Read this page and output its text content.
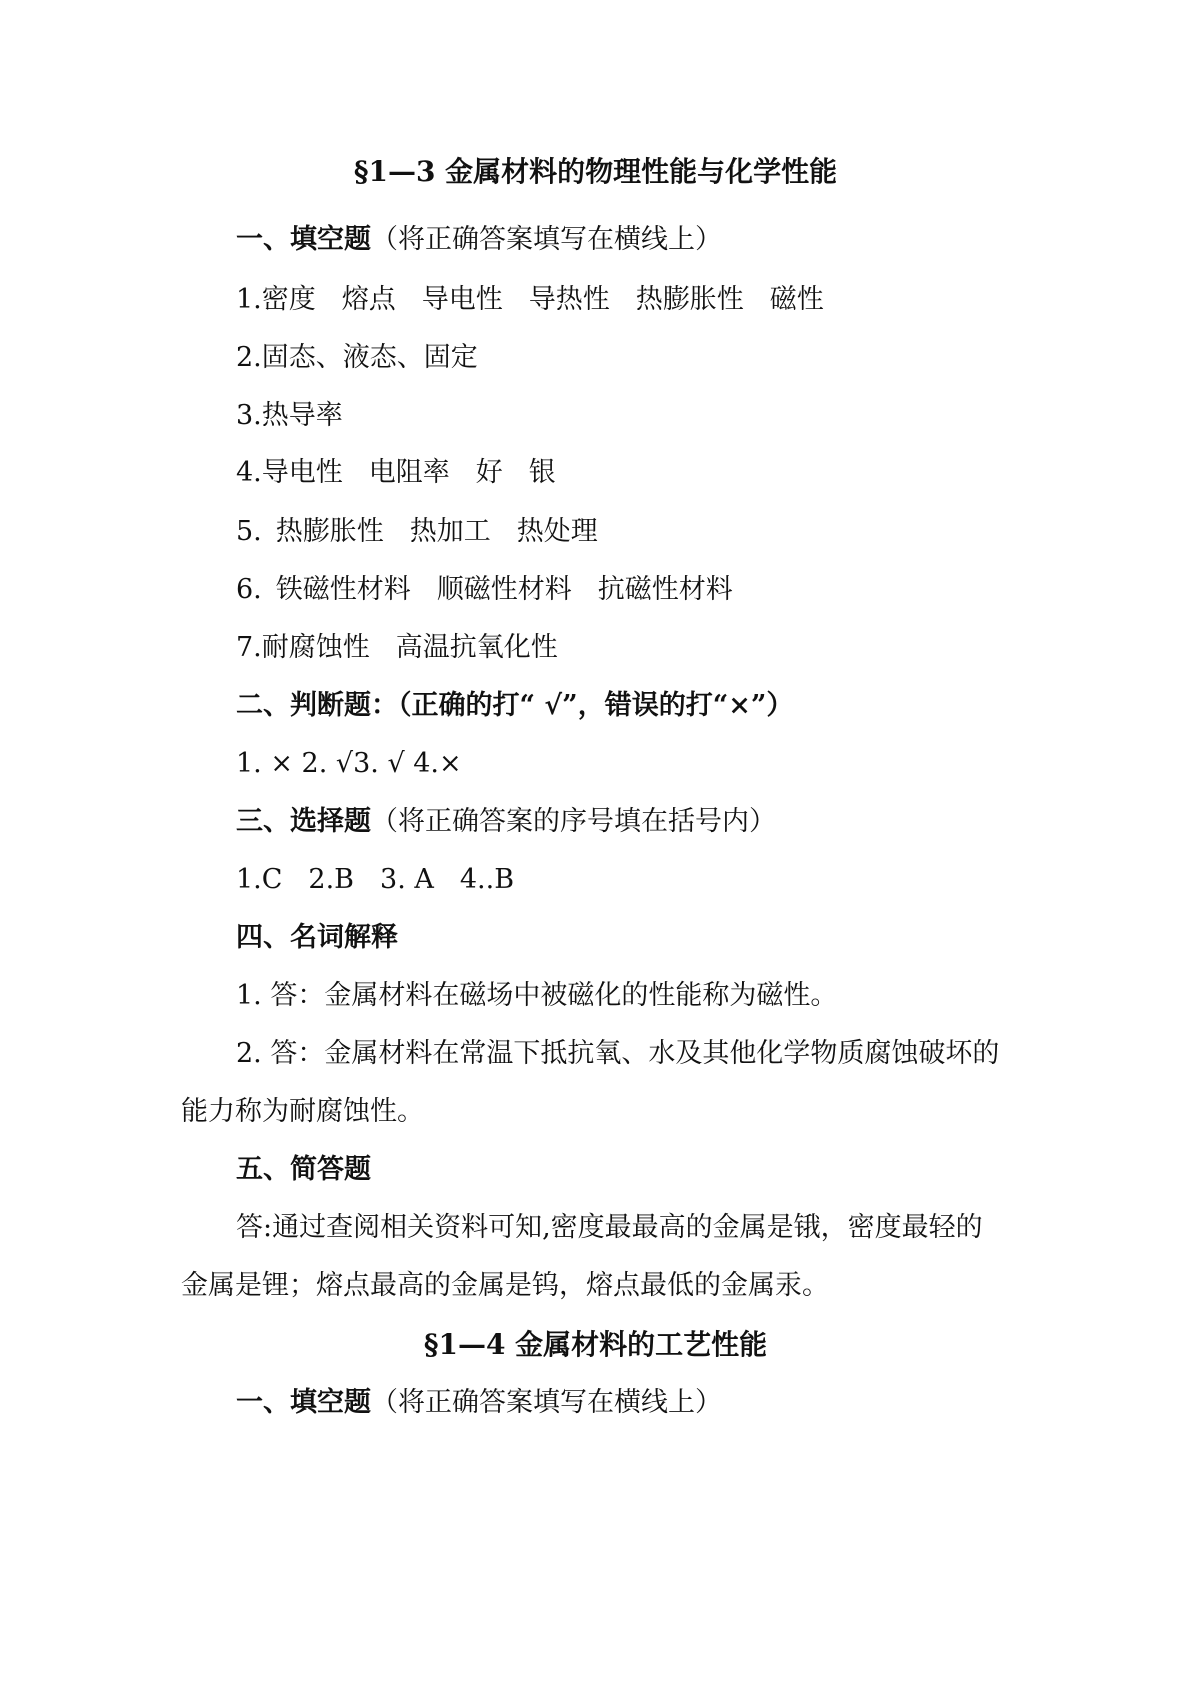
§1—3 金属材料的物理性能与化学性能
一、填空题（将正确答案填写在横线上）
1.密度 熔点 导电性 导热性 热膨胀性 磁性
2.固态、液态、固定
3.热导率
4.导电性 电阻率 好 银
5. 热膨胀性 热加工 热处理
6. 铁磁性材料 顺磁性材料 抗磁性材料
7.耐腐蚀性 高温抗氧化性
二、判断题：（正确的打“ √”，错误的打“×”）
1. × 2. √3. √ 4.×
三、选择题（将正确答案的序号填在括号内）
1.C 2.B 3. A 4..B
四、名词解释
1. 答：金属材料在磁场中被磁化的性能称为磁性。
2. 答：金属材料在常温下抵抗氧、水及其他化学物质腐蚀破坏的
能力称为耐腐蚀性。
五、简答题
答:通过查阅相关资料可知,密度最最高的金属是锇，密度最轻的
金属是锂；熔点最高的金属是钨，熔点最低的金属汞。
§1—4 金属材料的工艺性能
一、填空题（将正确答案填写在横线上）
